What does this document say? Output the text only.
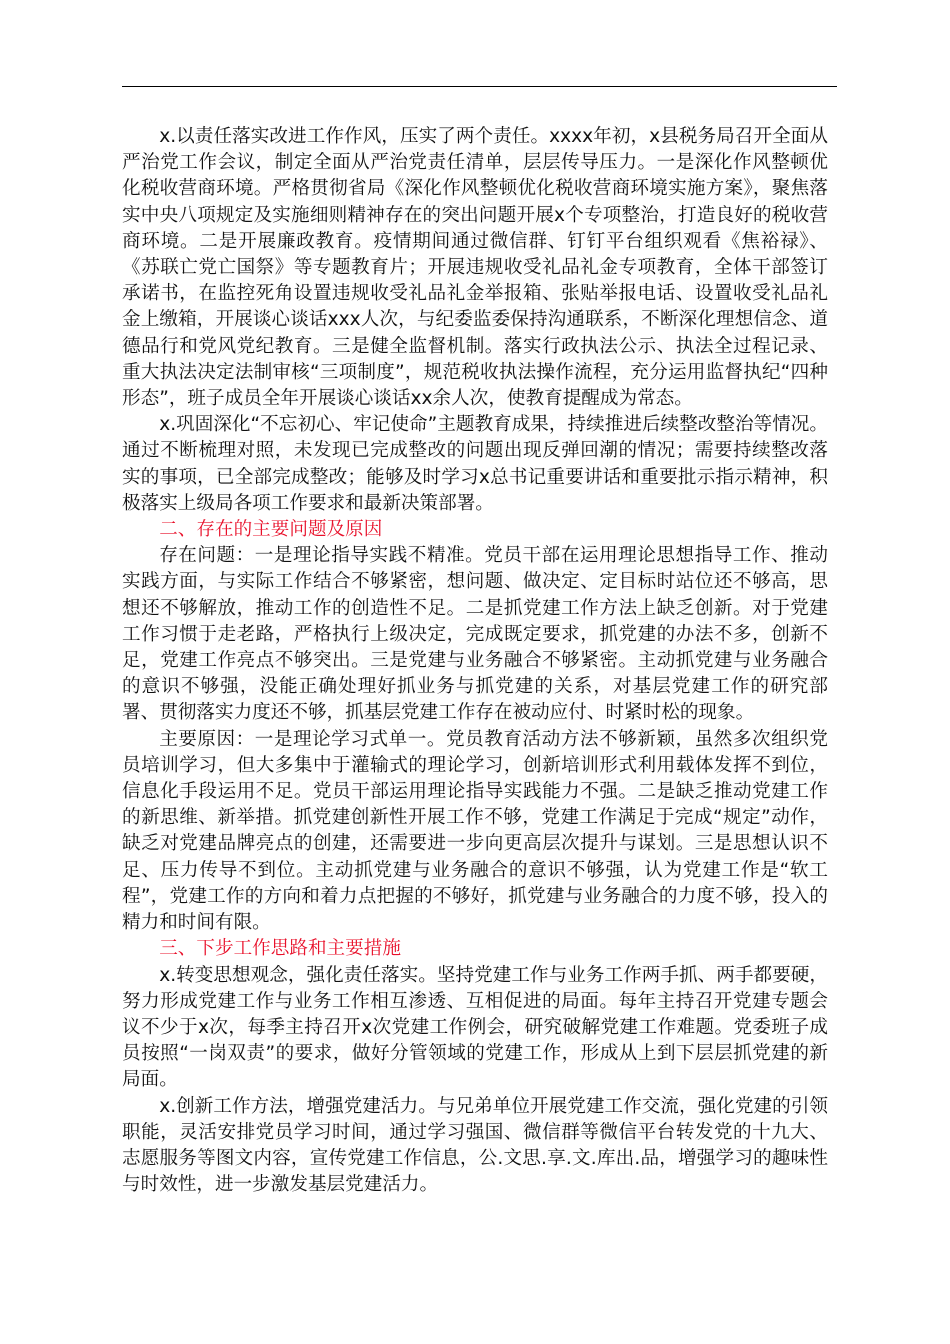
x.以责任落实改进工作作风，压实了两个责任。xxxx年初，x县税务局召开全面从严治党工作会议，制定全面从严治党责任清单，层层传导压力。一是深化作风整顿优化税收营商环境。严格贯彻省局《深化作风整顿优化税收营商环境实施方案》，聚焦落实中央八项规定及实施细则精神存在的突出问题开展x个专项整治，打造良好的税收营商环境。二是开展廉政教育。疫情期间通过微信群、钉钉平台组织观看《焦裕禄》、《苏联亡党亡国祭》等专题教育片；开展违规收受礼品礼金专项教育，全体干部签订承诺书，在监控死角设置违规收受礼品礼金举报箱、张贴举报电话、设置收受礼品礼金上缴箱，开展谈心谈话xxx人次，与纪委监委保持沟通联系，不断深化理想信念、道德品行和党风党纪教育。三是健全监督机制。落实行政执法公示、执法全过程记录、重大执法决定法制审核“三项制度”，规范税收执法操作流程，充分运用监督执纪“四种形态”，班子成员全年开展谈心谈话xx余人次，使教育提醒成为常态。

x.巩固深化“不忘初心、牢记使命”主题教育成果，持续推进后续整改整治等情况。通过不断梳理对照，未发现已完成整改的问题出现反弹回潮的情况；需要持续整改落实的事项，已全部完成整改；能够及时学习x总书记重要讲话和重要批示指示精神，积极落实上级局各项工作要求和最新决策部署。

二、存在的主要问题及原因

存在问题：一是理论指导实践不精准。党员干部在运用理论思想指导工作、推动实践方面，与实际工作结合不够紧密，想问题、做决定、定目标时站位还不够高，思想还不够解放，推动工作的创造性不足。二是抓党建工作方法上缺乏创新。对于党建工作习惯于走老路，严格执行上级决定，完成既定要求，抓党建的办法不多，创新不足，党建工作亮点不够突出。三是党建与业务融合不够紧密。主动抓党建与业务融合的意识不够强，没能正确处理好抓业务与抓党建的关系，对基层党建工作的研究部署、贯彻落实力度还不够，抓基层党建工作存在被动应付、时紧时松的现象。

主要原因：一是理论学习式单一。党员教育活动方法不够新颖，虽然多次组织党员培训学习，但大多集中于灌输式的理论学习，创新培训形式利用载体发挥不到位，信息化手段运用不足。党员干部运用理论指导实践能力不强。二是缺乏推动党建工作的新思维、新举措。抓党建创新性开展工作不够，党建工作满足于完成“规定”动作，缺乏对党建品牌亮点的创建，还需要进一步向更高层次提升与谋划。三是思想认识不足、压力传导不到位。主动抓党建与业务融合的意识不够强，认为党建工作是“软工程”，党建工作的方向和着力点把握的不够好，抓党建与业务融合的力度不够，投入的精力和时间有限。

三、下步工作思路和主要措施

x.转变思想观念，强化责任落实。坚持党建工作与业务工作两手抓、两手都要硬，努力形成党建工作与业务工作相互渗透、互相促进的局面。每年主持召开党建专题会议不少于x次，每季主持召开x次党建工作例会，研究破解党建工作难题。党委班子成员按照“一岗双责”的要求，做好分管领域的党建工作，形成从上到下层层抓党建的新局面。

x.创新工作方法，增强党建活力。与兄弟单位开展党建工作交流，强化党建的引领职能，灵活安排党员学习时间，通过学习强国、微信群等微信平台转发党的十九大、志愿服务等图文内容，宣传党建工作信息，公.文思.享.文.库出.品，增强学习的趣味性与时效性，进一步激发基层党建活力。
